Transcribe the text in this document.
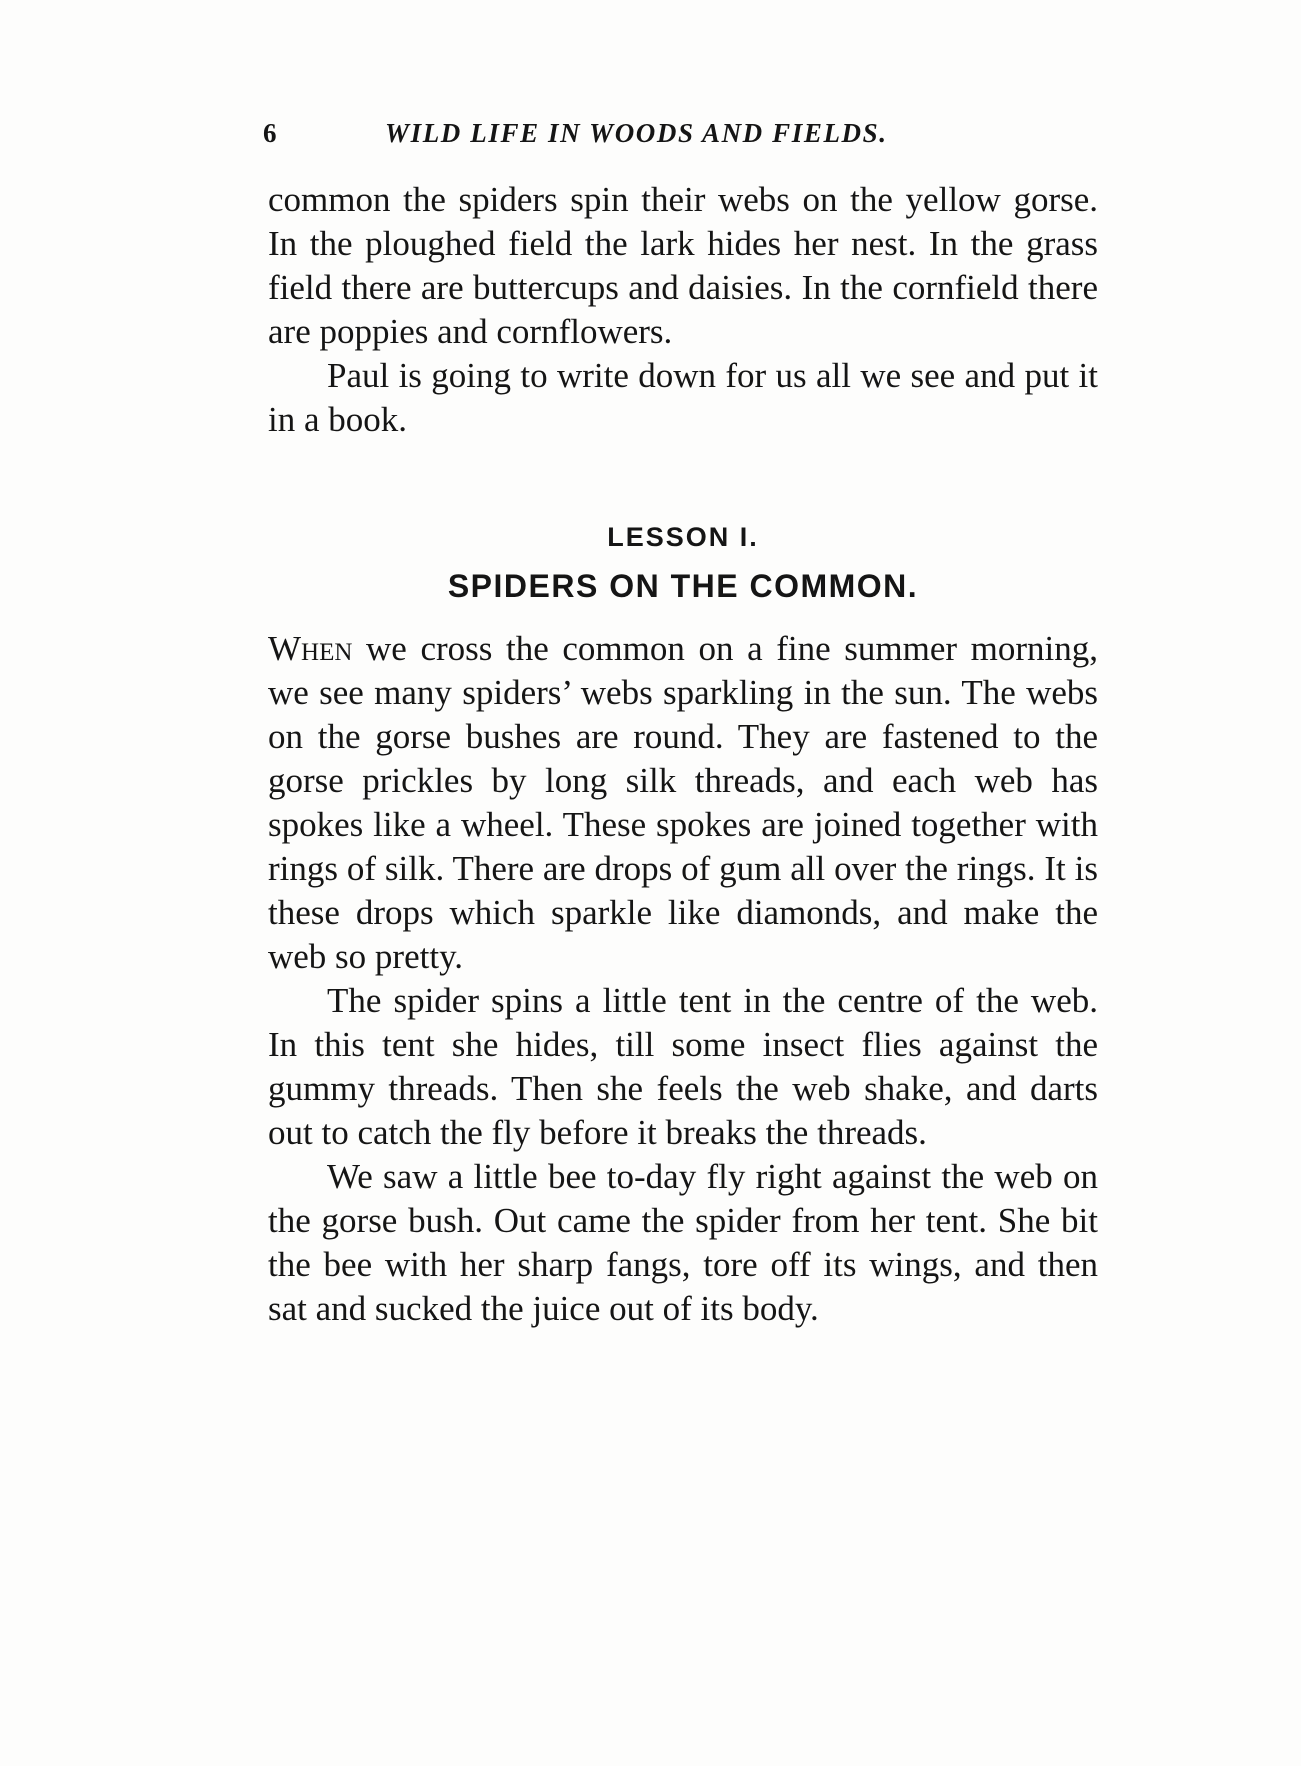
6	WILD LIFE IN WOODS AND FIELDS.

common the spiders spin their webs on the yellow gorse. In the ploughed field the lark hides her nest. In the grass field there are buttercups and daisies. In the cornfield there are poppies and cornflowers.

Paul is going to write down for us all we see and put it in a book.

LESSON I.
SPIDERS ON THE COMMON.

When we cross the common on a fine summer morning, we see many spiders’ webs sparkling in the sun. The webs on the gorse bushes are round. They are fastened to the gorse prickles by long silk threads, and each web has spokes like a wheel. These spokes are joined together with rings of silk. There are drops of gum all over the rings. It is these drops which sparkle like diamonds, and make the web so pretty.

The spider spins a little tent in the centre of the web. In this tent she hides, till some insect flies against the gummy threads. Then she feels the web shake, and darts out to catch the fly before it breaks the threads.

We saw a little bee to-day fly right against the web on the gorse bush. Out came the spider from her tent. She bit the bee with her sharp fangs, tore off its wings, and then sat and sucked the juice out of its body.
